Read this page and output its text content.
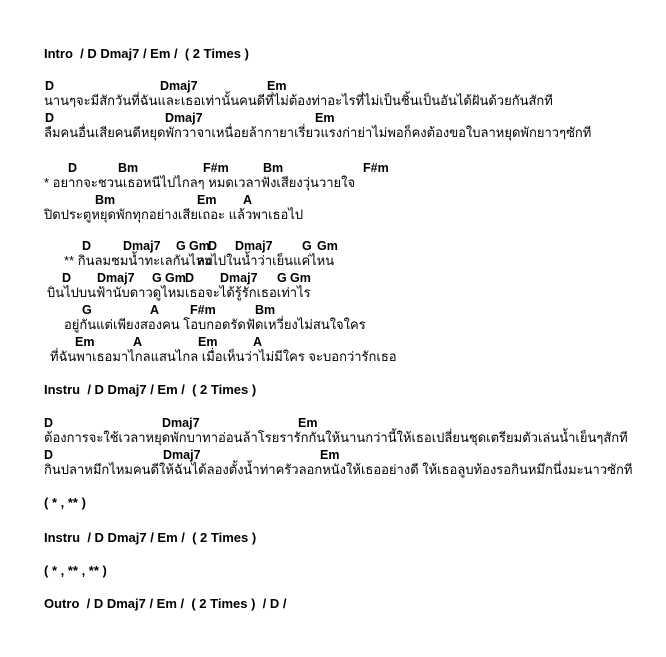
Intro  / D Dmaj7 / Em /  ( 2 Times )

D

	Dmaj7

	Em

นานๆจะมีสักวันที่ฉันและเธอเท่านั้นคนดีที่ไม่ต้องท่าอะไรที่ไม่เป็นชิ้นเป็นอันได้ฝันด้วยกันสักที

D

	Dmaj7

	Em

ลืมคนอื่นเสียคนดีหยุดพักวาจาเหนื่อยล้ากายาเรี่ยวแรงก่าย่าไม่พอก็คงต้องขอใบลาหยุดพักยาวๆซักที

D

	Bm

	F#m

	Bm

	F#m

* อยากจะชวนเธอหนีไปไกลๆ หมดเวลาฟังเสียงวุ่นวายใจ

Bm

	Em

A

ปิดประตูหยุดพักทุกอย่างเสียเถอะ แล้วพาเธอไป

D

	Dmaj7

G

Gm

D

Dmaj7

G

Gm

** กินลมชมน้ำทะเลกันไหม

ลงไปในน้ำว่าเย็นแค่ไหน

D

Dmaj7

G

Gm

D

Dmaj7

G

Gm

บินไปบนฟ้านับดาวดูไหม

เธอจะได้รู้รักเธอเท่าไร

G

	A

F#m

	Bm

อยู่กันแต่เพียงสองคน โอบกอดรัดฟัดเหวี่ยงไม่สนใจใคร

Em

	A

	Em

	A

ที่ฉันพาเธอมาไกลแสนไกล เมื่อเห็นว่าไม่มีใคร จะบอกว่ารักเธอ

Instru  / D Dmaj7 / Em /  ( 2 Times )

D

	Dmaj7

	Em

ต้องการจะใช้เวลาหยุดพักบาทาอ่อนล้าโรยรารักกันให้นานกว่านี้ให้เธอเปลี่ยนชุดเตรียมตัวเล่นน้ำเย็นๆสักที

D

	Dmaj7

	Em

กินปลาหมึกไหมคนดีให้ฉันได้ลองตั้งน้ำท่าครัวลอกหนังให้เธออย่างดี ให้เธอลูบท้องรอกินหมึกนึ่งมะนาวซักที

( * , ** )
Instru  / D Dmaj7 / Em /  ( 2 Times )
( * , ** , ** )
Outro  / D Dmaj7 / Em /  ( 2 Times )  / D /
